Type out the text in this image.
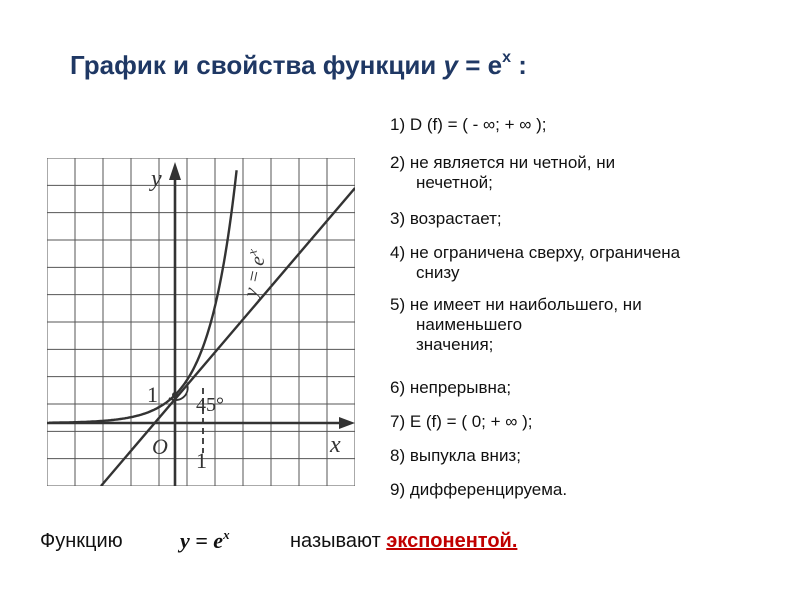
График и свойства функции $y = e^x$ :
y
x
O
1
1 45°
$y = e^x$
1) D (f) = ( - ∞; + ∞ );
2) не является ни четной, ни
нечетной;
3) возрастает;
4) не ограничена сверху, ограничена
снизу
5) не имеет ни наибольшего, ни
наименьшего
значения;
6) непрерывна;
7) E (f) = ( 0; + ∞ );
8) выпукла вниз;
9) дифференцируема.
Функцию	$y = e^x$	называют экспонентой.
